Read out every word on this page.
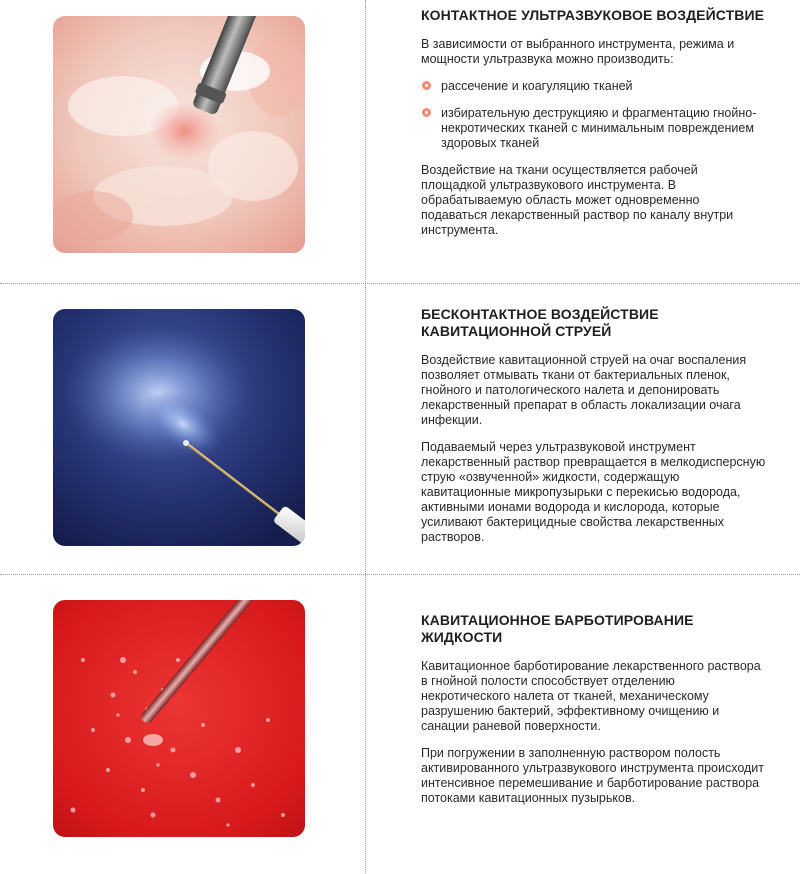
КОНТАКТНОЕ УЛЬТРАЗВУКОВОЕ ВОЗДЕЙСТВИЕ

В зависимости от выбранного инструмента, режима и мощности ультразвука можно производить:

рассечение и коагуляцию тканей
избирательную деструкцияю и фрагментацию гнойно-некротических тканей с минимальным повреждением здоровых тканей

Воздействие на ткани осуществляется рабочей площадкой ультразвукового инструмента. В обрабатываемую область может одновременно подаваться лекарственный раствор по каналу внутри инструмента.

БЕСКОНТАКТНОЕ ВОЗДЕЙСТВИЕ КАВИТАЦИОННОЙ СТРУЕЙ

Воздействие кавитационной струей на очаг воспаления позволяет отмывать ткани от бактериальных пленок, гнойного и патологического налета и депонировать лекарственный препарат в область локализации очага инфекции.

Подаваемый через ультразвуковой инструмент лекарственный раствор превращается в мелкодисперсную струю «озвученной» жидкости, содержащую кавитационные микропузырьки с перекисью водорода, активными ионами водорода и кислорода, которые усиливают бактерицидные свойства лекарственных растворов.

КАВИТАЦИОННОЕ БАРБОТИРОВАНИЕ ЖИДКОСТИ

Кавитационное барботирование лекарственного раствора в гнойной полости способствует отделению некротического налета от тканей, механическому разрушению бактерий, эффективному очищению и санации раневой поверхности.

При погружении в заполненную раствором полость активированного ультразвукового инструмента происходит интенсивное перемешивание и барботирование раствора потоками кавитационных пузырьков.
